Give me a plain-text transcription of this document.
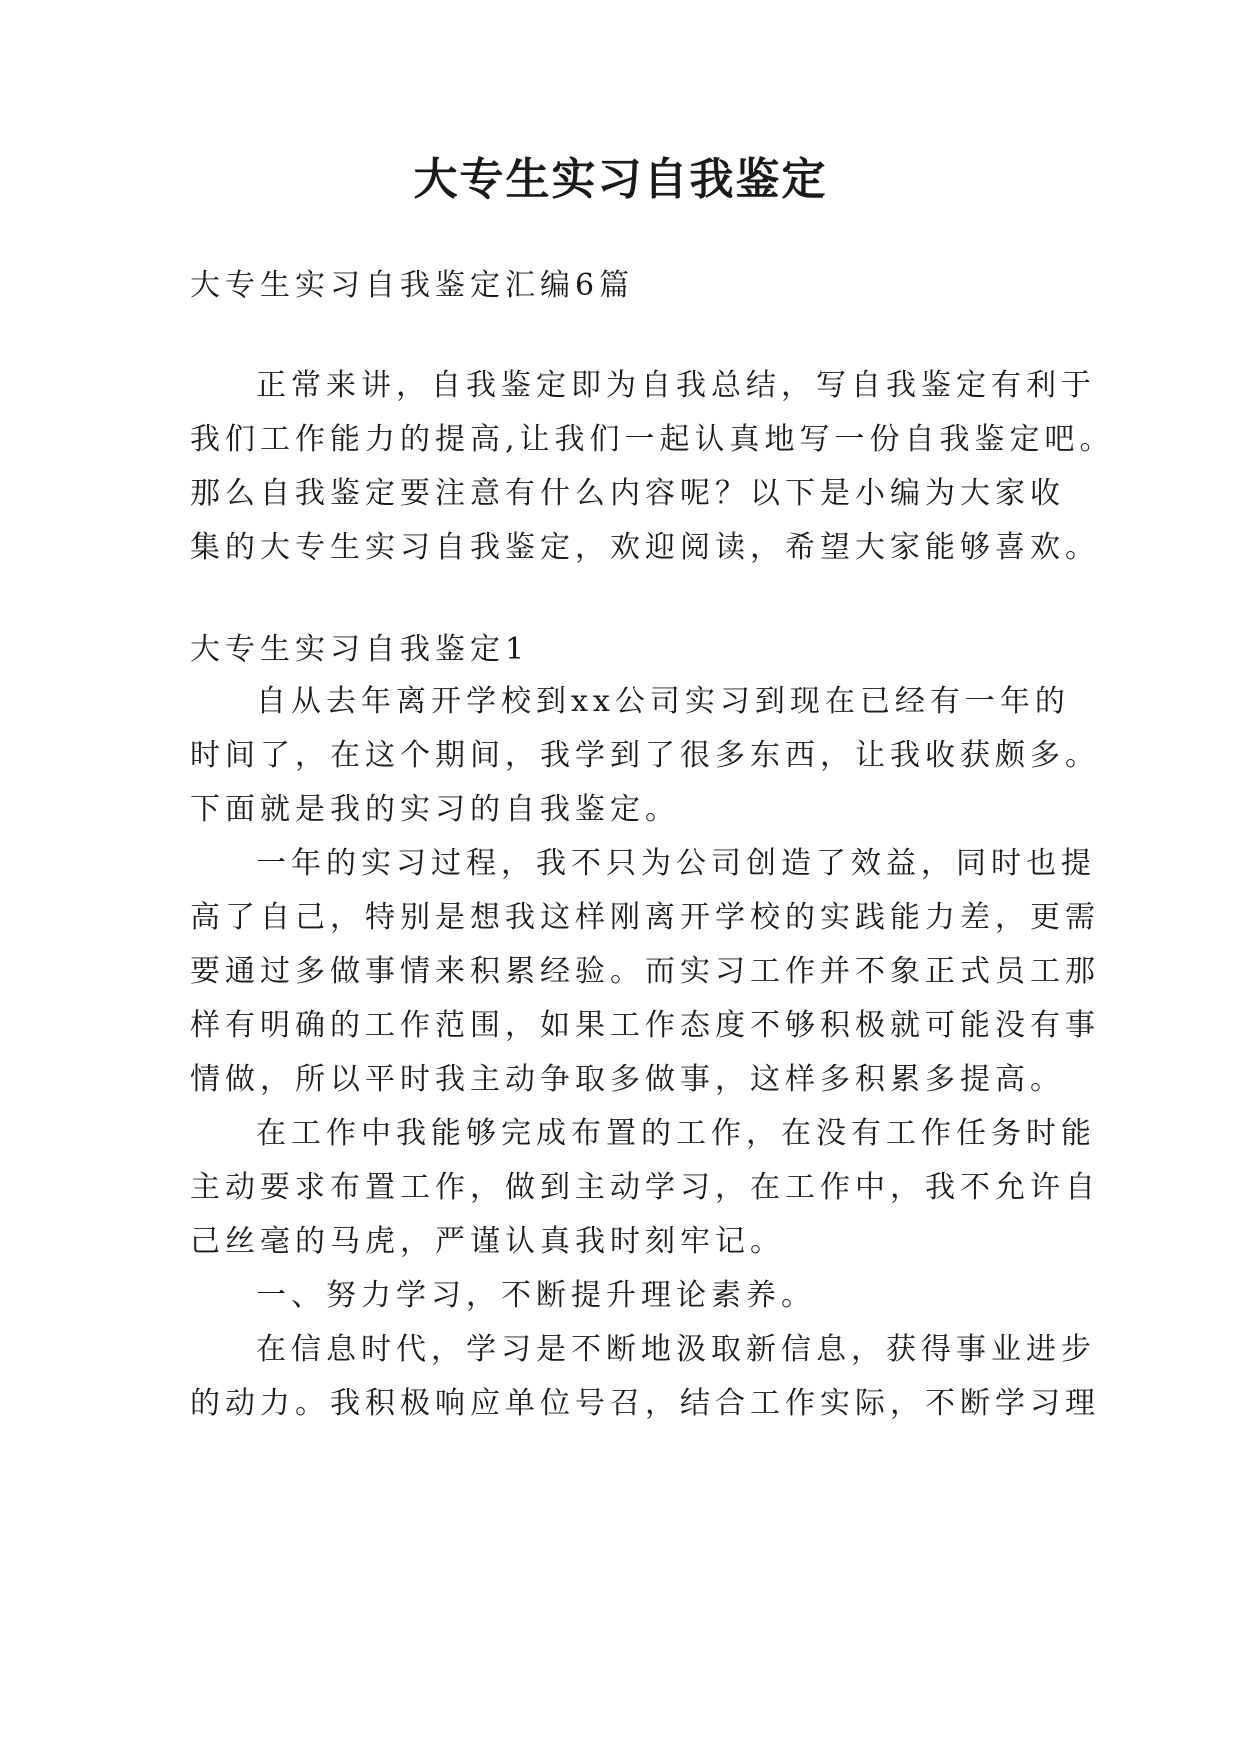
大专生实习自我鉴定

大专生实习自我鉴定汇编6篇

正常来讲，自我鉴定即为自我总结，写自我鉴定有利于

我们工作能力的提高,让我们一起认真地写一份自我鉴定吧。

那么自我鉴定要注意有什么内容呢？以下是小编为大家收

集的大专生实习自我鉴定，欢迎阅读，希望大家能够喜欢。

大专生实习自我鉴定1

自从去年离开学校到xx公司实习到现在已经有一年的

时间了，在这个期间，我学到了很多东西，让我收获颇多。

下面就是我的实习的自我鉴定。

一年的实习过程，我不只为公司创造了效益，同时也提

高了自己，特别是想我这样刚离开学校的实践能力差，更需

要通过多做事情来积累经验。而实习工作并不象正式员工那

样有明确的工作范围，如果工作态度不够积极就可能没有事

情做，所以平时我主动争取多做事，这样多积累多提高。

在工作中我能够完成布置的工作，在没有工作任务时能

主动要求布置工作，做到主动学习，在工作中，我不允许自

己丝毫的马虎，严谨认真我时刻牢记。

一、努力学习，不断提升理论素养。

在信息时代，学习是不断地汲取新信息，获得事业进步

的动力。我积极响应单位号召，结合工作实际，不断学习理
